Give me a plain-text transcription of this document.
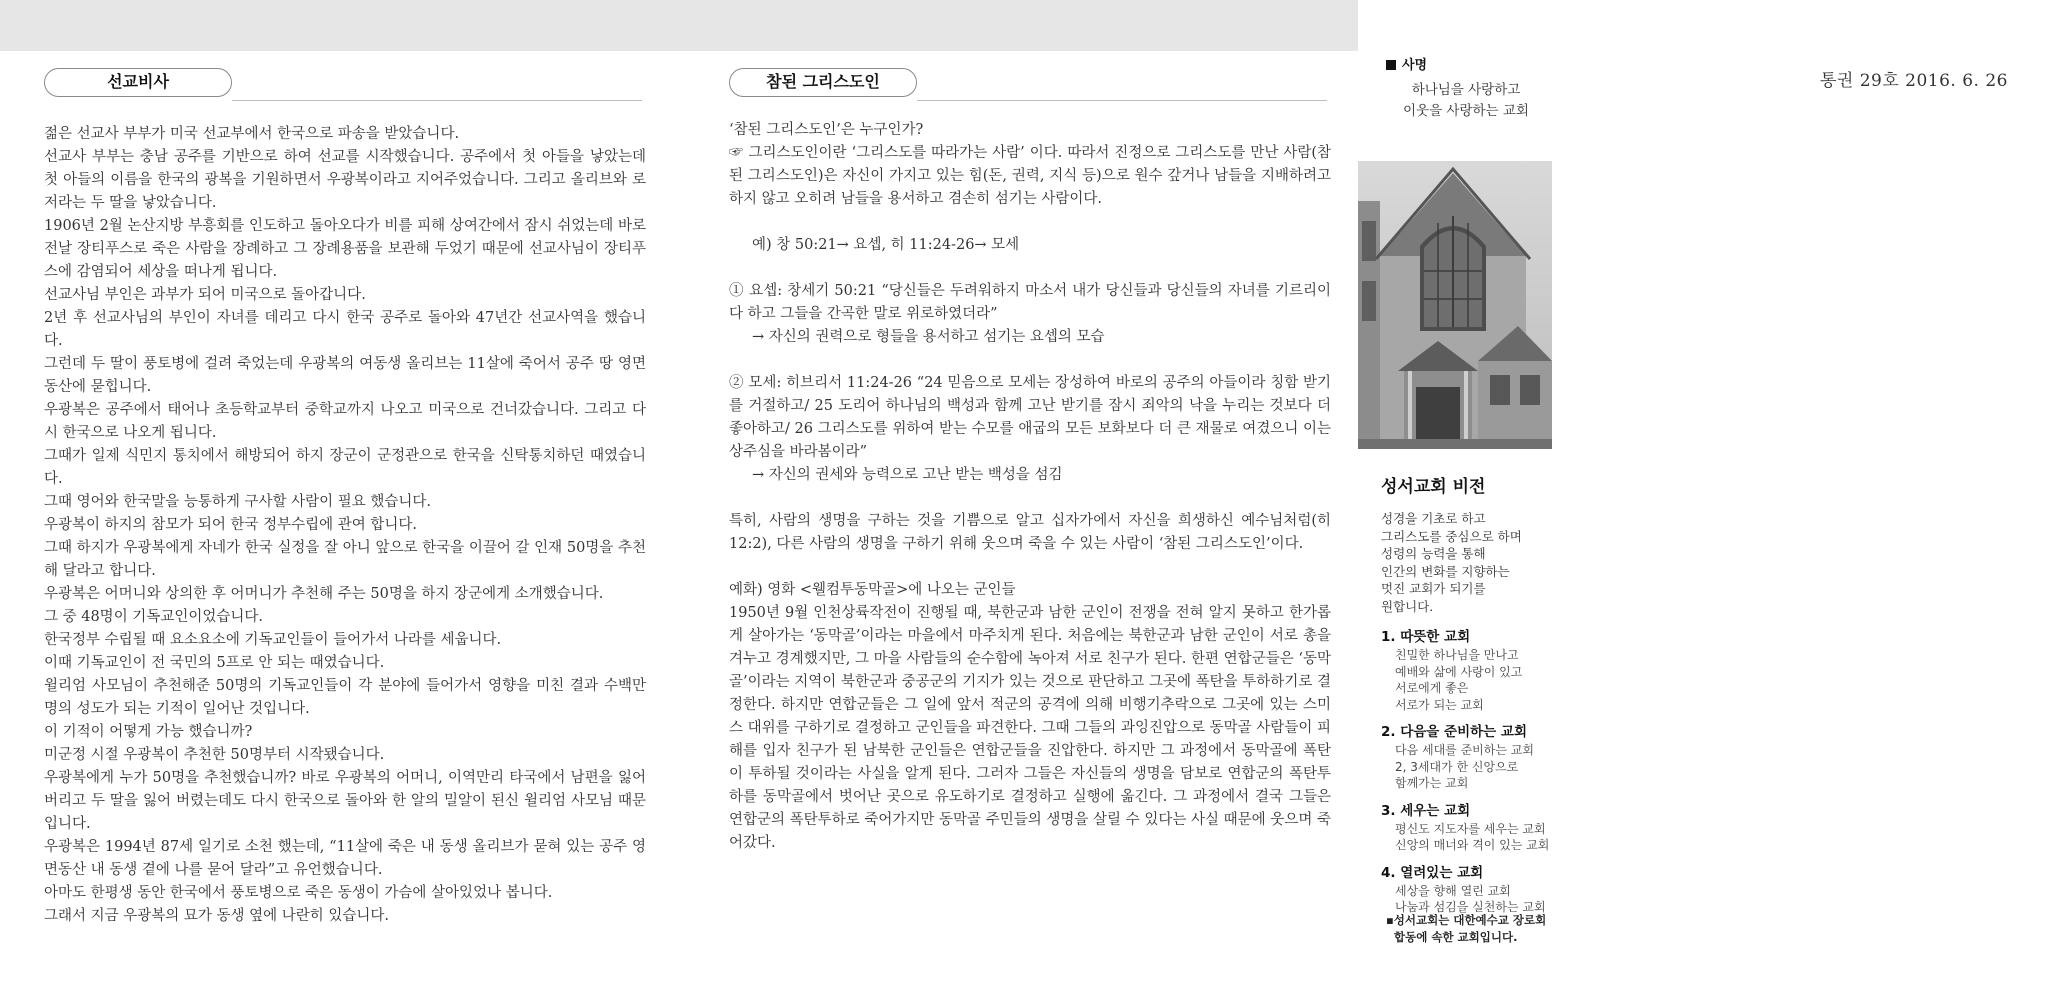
선교비사

젊은 선교사 부부가 미국 선교부에서 한국으로 파송을 받았습니다.

선교사 부부는 충남 공주를 기반으로 하여 선교를 시작했습니다. 공주에서 첫 아들을 낳았는데 첫 아들의 이름을 한국의 광복을 기원하면서 우광복이라고 지어주었습니다. 그리고 올리브와 로저라는 두 딸을 낳았습니다.

1906년 2월 논산지방 부흥회를 인도하고 돌아오다가 비를 피해 상여간에서 잠시 쉬었는데 바로 전날 장티푸스로 죽은 사람을 장례하고 그 장례용품을 보관해 두었기 때문에 선교사님이 장티푸스에 감염되어 세상을 떠나게 됩니다.

선교사님 부인은 과부가 되어 미국으로 돌아갑니다.

2년 후 선교사님의 부인이 자녀를 데리고 다시 한국 공주로 돌아와 47년간 선교사역을 했습니다.

그런데 두 딸이 풍토병에 걸려 죽었는데 우광복의 여동생 올리브는 11살에 죽어서 공주 땅 영면동산에 묻힙니다.

우광복은 공주에서 태어나 초등학교부터 중학교까지 나오고 미국으로 건너갔습니다. 그리고 다시 한국으로 나오게 됩니다.

그때가 일제 식민지 통치에서 해방되어 하지 장군이 군정관으로 한국을 신탁통치하던 때였습니다.

그때 영어와 한국말을 능통하게 구사할 사람이 필요 했습니다.

우광복이 하지의 참모가 되어 한국 정부수립에 관여 합니다.

그때 하지가 우광복에게 자네가 한국 실정을 잘 아니 앞으로 한국을 이끌어 갈 인재 50명을 추천해 달라고 합니다.

우광복은 어머니와 상의한 후 어머니가 추천해 주는 50명을 하지 장군에게 소개했습니다.

그 중 48명이 기독교인이었습니다.

한국정부 수립될 때 요소요소에 기독교인들이 들어가서 나라를 세웁니다.

이때 기독교인이 전 국민의 5프로 안 되는 때였습니다.

윌리엄 사모님이 추천해준 50명의 기독교인들이 각 분야에 들어가서 영향을 미친 결과 수백만 명의 성도가 되는 기적이 일어난 것입니다.

이 기적이 어떻게 가능 했습니까?

미군정 시절 우광복이 추천한 50명부터 시작됐습니다.

우광복에게 누가 50명을 추천했습니까? 바로 우광복의 어머니, 이역만리 타국에서 남편을 잃어버리고 두 딸을 잃어 버렸는데도 다시 한국으로 돌아와 한 알의 밀알이 된신 윌리엄 사모님 때문입니다.

우광복은 1994년 87세 일기로 소천 했는데, “11살에 죽은 내 동생 올리브가 묻혀 있는 공주 영면동산 내 동생 곁에 나를 묻어 달라”고 유언했습니다.

아마도 한평생 동안 한국에서 풍토병으로 죽은 동생이 가슴에 살아있었나 봅니다.

그래서 지금 우광복의 묘가 동생 옆에 나란히 있습니다.

참된 그리스도인

‘참된 그리스도인’은 누구인가?

☞ 그리스도인이란 ‘그리스도를 따라가는 사람’ 이다. 따라서 진정으로 그리스도를 만난 사람(참된 그리스도인)은 자신이 가지고 있는 힘(돈, 권력, 지식 등)으로 원수 갚거나 남들을 지배하려고 하지 않고 오히려 남들을 용서하고 겸손히 섬기는 사람이다.

예) 창 50:21→ 요셉, 히 11:24-26→ 모세

① 요셉: 창세기 50:21 “당신들은 두려워하지 마소서 내가 당신들과 당신들의 자녀를 기르리이다 하고 그들을 간곡한 말로 위로하였더라”

→ 자신의 권력으로 형들을 용서하고 섬기는 요셉의 모습

② 모세: 히브리서 11:24-26 “24 믿음으로 모세는 장성하여 바로의 공주의 아들이라 칭함 받기를 거절하고/ 25 도리어 하나님의 백성과 함께 고난 받기를 잠시 죄악의 낙을 누리는 것보다 더 좋아하고/ 26 그리스도를 위하여 받는 수모를 애굽의 모든 보화보다 더 큰 재물로 여겼으니 이는 상주심을 바라봄이라”

→ 자신의 권세와 능력으로 고난 받는 백성을 섬김

특히, 사람의 생명을 구하는 것을 기쁨으로 알고 십자가에서 자신을 희생하신 예수님처럼(히 12:2), 다른 사람의 생명을 구하기 위해 웃으며 죽을 수 있는 사람이 ‘참된 그리스도인’이다.

예화) 영화 <웰컴투동막골>에 나오는 군인들

1950년 9월 인천상륙작전이 진행될 때, 북한군과 남한 군인이 전쟁을 전혀 알지 못하고 한가롭게 살아가는 ‘동막골’이라는 마을에서 마주치게 된다. 처음에는 북한군과 남한 군인이 서로 총을 겨누고 경계했지만, 그 마을 사람들의 순수함에 녹아져 서로 친구가 된다. 한편 연합군들은 ‘동막골’이라는 지역이 북한군과 중공군의 기지가 있는 것으로 판단하고 그곳에 폭탄을 투하하기로 결정한다. 하지만 연합군들은 그 일에 앞서 적군의 공격에 의해 비행기추락으로 그곳에 있는 스미스 대위를 구하기로 결정하고 군인들을 파견한다. 그때 그들의 과잉진압으로 동막골 사람들이 피해를 입자 친구가 된 남북한 군인들은 연합군들을 진압한다. 하지만 그 과정에서 동막골에 폭탄이 투하될 것이라는 사실을 알게 된다. 그러자 그들은 자신들의 생명을 담보로 연합군의 폭탄투하를 동막골에서 벗어난 곳으로 유도하기로 결정하고 실행에 옮긴다. 그 과정에서 결국 그들은 연합군의 폭탄투하로 죽어가지만 동막골 주민들의 생명을 살릴 수 있다는 사실 때문에 웃으며 죽어갔다.

사명
하나님을 사랑하고
이웃을 사랑하는 교회
통권 29호 2016. 6. 26
성서교회 비전
성경을 기초로 하고
그리스도를 중심으로 하며
성령의 능력을 통해
인간의 변화를 지향하는
멋진 교회가 되기를
원합니다.
1. 따뜻한 교회
친밀한 하나님을 만나고
예배와 삶에 사랑이 있고
서로에게 좋은
서로가 되는 교회
2. 다음을 준비하는 교회
다음 세대를 준비하는 교회
2, 3세대가 한 신앙으로
함께가는 교회
3. 세우는 교회
평신도 지도자를 세우는 교회
신앙의 매너와 격이 있는 교회
4. 열려있는 교회
세상을 향해 열린 교회
나눔과 섬김을 실천하는 교회
▪성서교회는 대한예수교 장로회
합동에 속한 교회입니다.
